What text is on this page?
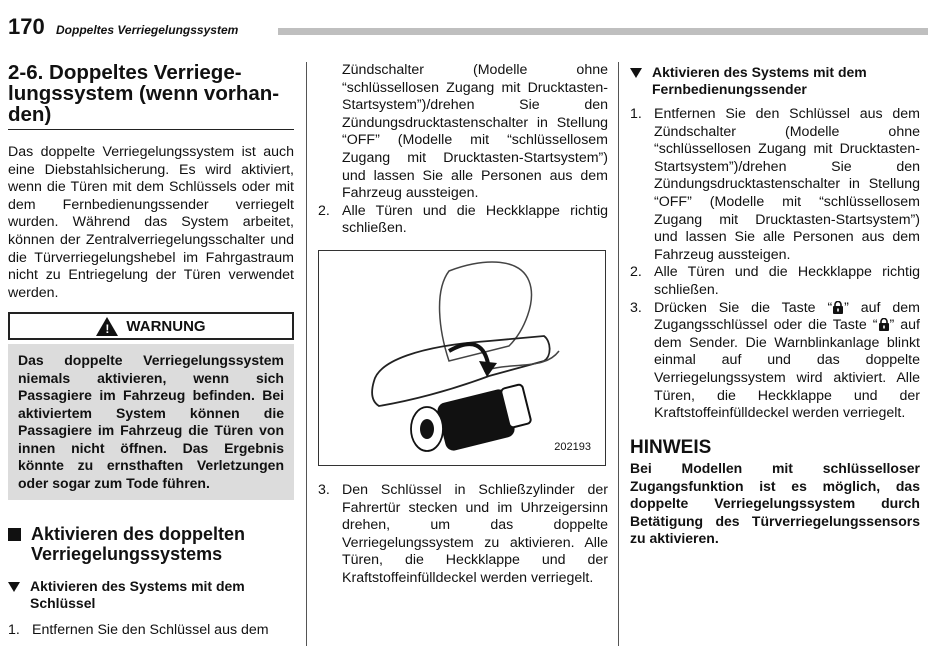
170 Doppeltes Verriegelungssystem
2-6. Doppeltes Verriege-lungssystem (wenn vorhan-den)

Das doppelte Verriegelungssystem ist auch eine Diebstahlsicherung. Es wird aktiviert, wenn die Türen mit dem Schlüssels oder mit dem Fernbedienungssender verriegelt wurden. Während das System arbeitet, können der Zentralverriegelungsschalter und die Türverriegelungshebel im Fahrgastraum nicht zu Entriegelung der Türen verwendet werden.

! WARNUNG
Das doppelte Verriegelungssystem niemals aktivieren, wenn sich Passagiere im Fahrzeug befinden. Bei aktiviertem System können die Passagiere im Fahrzeug die Türen von innen nicht öffnen. Das Ergebnis könnte zu ernsthaften Verletzungen oder sogar zum Tode führen.
Aktivieren des doppelten Verriegelungssystems
Aktivieren des Systems mit dem Schlüssel
1. Entfernen Sie den Schlüssel aus dem
Zündschalter (Modelle ohne “schlüssellosen Zugang mit Drucktasten-Startsystem”)/drehen Sie den Zündungsdrucktastenschalter in Stellung “OFF” (Modelle mit “schlüssellosem Zugang mit Drucktasten-Startsystem”) und lassen Sie alle Personen aus dem Fahrzeug aussteigen.
2. Alle Türen und die Heckklappe richtig schließen.
202193
3. Den Schlüssel in Schließzylinder der Fahrertür stecken und im Uhrzeigersinn drehen, um das doppelte Verriegelungssystem zu aktivieren. Alle Türen, die Heckklappe und der Kraftstoffeinfülldeckel werden verriegelt.
Aktivieren des Systems mit dem Fernbedienungssender
1. Entfernen Sie den Schlüssel aus dem Zündschalter (Modelle ohne “schlüssellosen Zugang mit Drucktasten-Startsystem”)/drehen Sie den Zündungsdrucktastenschalter in Stellung “OFF” (Modelle mit “schlüssellosem Zugang mit Drucktasten-Startsystem”) und lassen Sie alle Personen aus dem Fahrzeug aussteigen.
2. Alle Türen und die Heckklappe richtig schließen.
3. Drücken Sie die Taste “ ” auf dem Zugangsschlüssel oder die Taste “ ” auf dem Sender. Die Warnblinkanlage blinkt einmal auf und das doppelte Verriegelungssystem wird aktiviert. Alle Türen, die Heckklappe und der Kraftstoffeinfülldeckel werden verriegelt.
HINWEIS
Bei Modellen mit schlüsselloser Zugangsfunktion ist es möglich, das doppelte Verriegelungssystem durch Betätigung des Türverriegelungssensors zu aktivieren.
